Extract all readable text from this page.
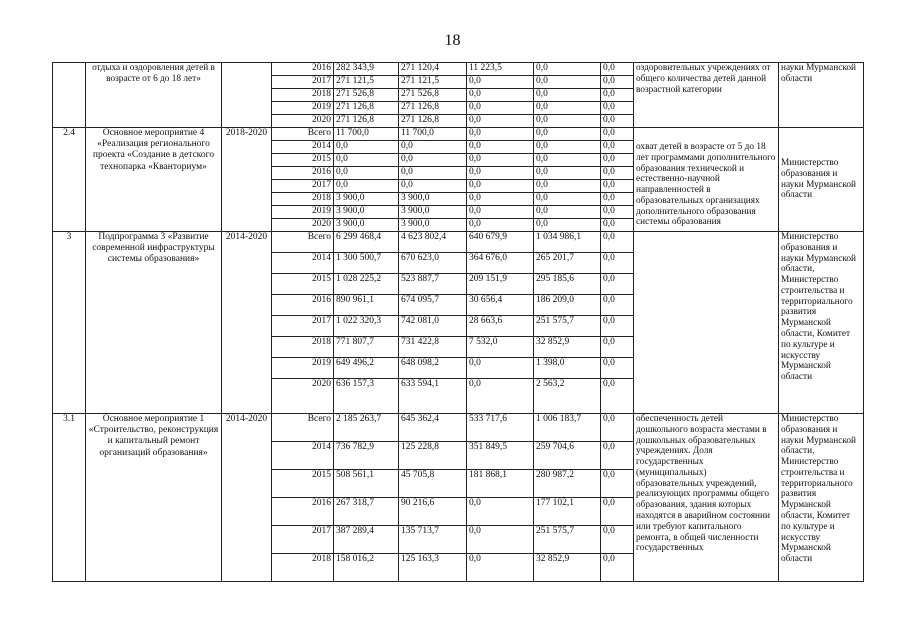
18
	отдыха и оздоровления детей в возрасте от 6 до 18 лет»		2016	282 343,9	271 120,4	11 223,5	0,0	0,0	оздоровительных учреждениях от общего количества детей данной возрастной категории	науки Мурманской области
			2017	271 121,5	271 121,5	0,0	0,0	0,0		
			2018	271 526,8	271 526,8	0,0	0,0	0,0		
			2019	271 126,8	271 126,8	0,0	0,0	0,0		
			2020	271 126,8	271 126,8	0,0	0,0	0,0		
2.4	Основное мероприятие 4 «Реализация регионального проекта «Создание в детского технопарка «Кванториум»	2018-2020	Всего	11 700,0	11 700,0	0,0	0,0	0,0	охват детей в возрасте от 5 до 18 лет программами дополнительного образования технической и естественно-научной направленностей в образовательных организациях дополнительного образования системы образования	Министерство образования и науки Мурманской области
			2014	0,0	0,0	0,0	0,0	0,0		
			2015	0,0	0,0	0,0	0,0	0,0		
			2016	0,0	0,0	0,0	0,0	0,0		
			2017	0,0	0,0	0,0	0,0	0,0		
			2018	3 900,0	3 900,0	0,0	0,0	0,0		
			2019	3 900,0	3 900,0	0,0	0,0	0,0		
			2020	3 900,0	3 900,0	0,0	0,0	0,0		
3	Подпрограмма 3 «Развитие современной инфраструктуры системы образования»	2014-2020	Всего	6 299 468,4	4 623 802,4	640 679,9	1 034 986,1	0,0		Министерство образования и науки Мурманской области, Министерство строительства и территориального развития Мурманской области, Комитет по культуре и искусству Мурманской области
			2014	1 300 500,7	670 623,0	364 676,0	265 201,7	0,0		
			2015	1 028 225,2	523 887,7	209 151,9	295 185,6	0,0		
			2016	890 961,1	674 095,7	30 656,4	186 209,0	0,0		
			2017	1 022 320,3	742 081,0	28 663,6	251 575,7	0,0		
			2018	771 807,7	731 422,8	7 532,0	32 852,9	0,0		
			2019	649 496,2	648 098,2	0,0	1 398,0	0,0		
			2020	636 157,3	633 594,1	0,0	2 563,2	0,0		
3.1	Основное мероприятие 1 «Строительство, реконструкция и капитальный ремонт организаций образования»	2014-2020	Всего	2 185 263,7	645 362,4	533 717,6	1 006 183,7	0,0	обеспеченность детей дошкольного возраста местами в дошкольных образовательных учреждениях. Доля государственных (муниципальных) образовательных учреждений, реализующих программы общего образования, здания которых находятся в аварийном состоянии или требуют капитального ремонта, в общей численности государственных	Министерство образования и науки Мурманской области, Министерство строительства и территориального развития Мурманской области, Комитет по культуре и искусству Мурманской области
			2014	736 782,9	125 228,8	351 849,5	259 704,6	0,0		
			2015	508 561,1	45 705,8	181 868,1	280 987,2	0,0		
			2016	267 318,7	90 216,6	0,0	177 102,1	0,0		
			2017	387 289,4	135 713,7	0,0	251 575,7	0,0		
			2018	158 016,2	125 163,3	0,0	32 852,9	0,0		
